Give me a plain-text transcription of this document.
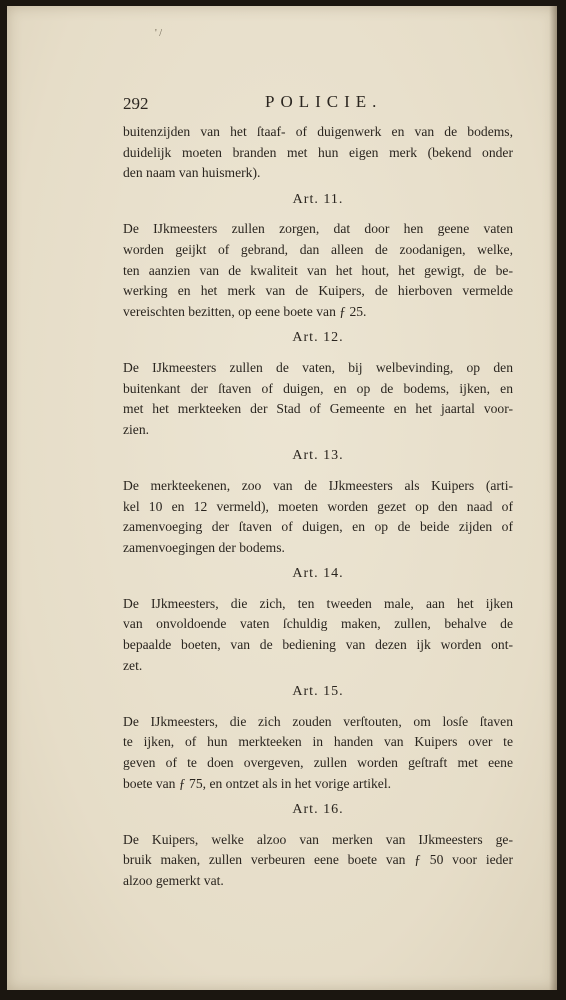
' /
292	POLICIE.

buitenzijden van het ſtaaf- of duigenwerk en van de bodems,
duidelijk moeten branden met hun eigen merk (bekend onder
den naam van huismerk).

Art. 11.

De IJkmeesters zullen zorgen, dat door hen geene vaten
worden geijkt of gebrand, dan alleen de zoodanigen, welke,
ten aanzien van de kwaliteit van het hout, het gewigt, de be-
werking en het merk van de Kuipers, de hierboven vermelde
vereischten bezitten, op eene boete van ƒ 25.

Art. 12.

De IJkmeesters zullen de vaten, bij welbevinding, op den
buitenkant der ſtaven of duigen, en op de bodems, ijken, en
met het merkteeken der Stad of Gemeente en het jaartal voor-
zien.

Art. 13.

De merkteekenen, zoo van de IJkmeesters als Kuipers (arti-
kel 10 en 12 vermeld), moeten worden gezet op den naad of
zamenvoeging der ſtaven of duigen, en op de beide zijden of
zamenvoegingen der bodems.

Art. 14.

De IJkmeesters, die zich, ten tweeden male, aan het ijken
van onvoldoende vaten ſchuldig maken, zullen, behalve de
bepaalde boeten, van de bediening van dezen ijk worden ont-
zet.

Art. 15.

De IJkmeesters, die zich zouden verſtouten, om losſe ſtaven
te ijken, of hun merkteeken in handen van Kuipers over te
geven of te doen overgeven, zullen worden geſtraft met eene
boete van ƒ 75, en ontzet als in het vorige artikel.

Art. 16.

De Kuipers, welke alzoo van merken van IJkmeesters ge-
bruik maken, zullen verbeuren eene boete van ƒ 50 voor ieder
alzoo gemerkt vat.
